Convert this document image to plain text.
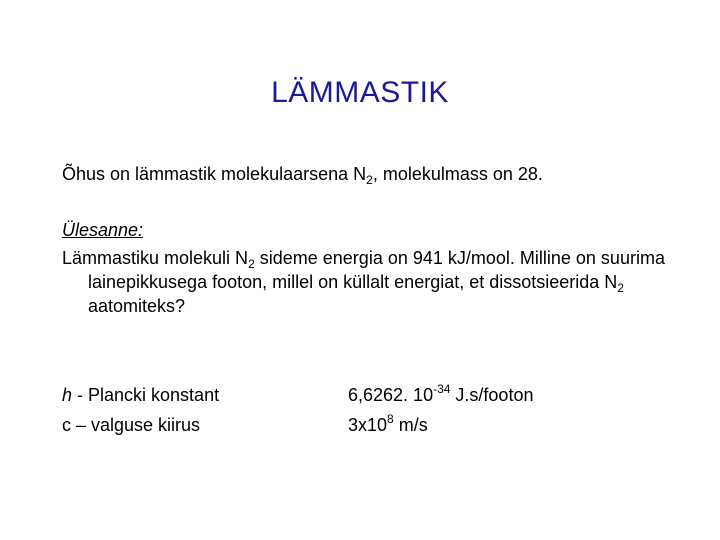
LÄMMASTIK
Õhus on lämmastik molekulaarsena $N_2$, molekulmass on 28.
Ülesanne:
Lämmastiku molekuli $N_2$ sideme energia on 941 kJ/mool. Milline on suurima lainepikkusega footon, millel on küllalt energiat, et dissotsieerida $N_2$ aatomiteks?
h - Plancki konstant
c – valguse kiirus
6,6262. $10^{-34}$ J.s/footon
$3x10^8$ m/s
